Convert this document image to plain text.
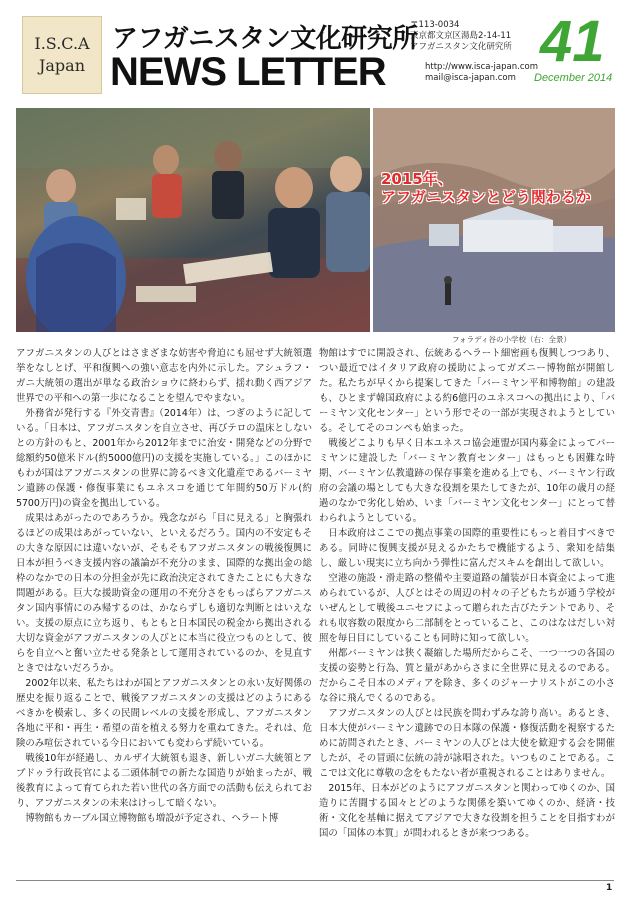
I.S.C.A
Japan
アフガニスタン文化研究所
NEWS LETTER
〒113-0034
東京都文京区湯島2-14-11
アフガニスタン文化研究所
http://www.isca-japan.com
mail@isca-japan.com
41
December 2014
2015年、
アフガニスタンとどう関わるか
フォラディ谷の小学校（右：全景）

アフガニスタンの人びとはさまざまな妨害や脅迫にも屈せず大統領選挙をなしとげ、平和復興への強い意志を内外に示した。アシュラフ・ガニ大統領の選出が単なる政治ショウに終わらず、揺れ動く西アジア世界での平和への第一歩になることを望んでやまない。

外務省が発行する『外交青書』（2014年）は、つぎのように記している。「日本は、アフガニスタンを自立させ、再びテロの温床としないとの方針のもと、2001年から2012年までに治安・開発などの分野で総額約50億米ドル(約5000億円)の支援を実施している。」このほかにもわが国はアフガニスタンの世界に誇るべき文化遺産であるバーミヤン遺跡の保護・修復事業にもユネスコを通じて年間約50万ドル(約5700万円)の資金を拠出している。

成果はあがったのであろうか。残念ながら「目に見える」と胸張れるほどの成果はあがっていない、といえるだろう。国内の不安定もその大きな原因には違いないが、そもそもアフガニスタンの戦後復興に日本が担うべき支援内容の議論が不充分のまま、国際的な拠出金の総枠のなかでの日本の分担金が先に政治決定されてきたことにも大きな問題がある。巨大な援助資金の運用の不充分さをもっぱらアフガニスタン国内事情にのみ帰するのは、かならずしも適切な判断とはいえない。支援の原点に立ち返り、もともと日本国民の税金から拠出される大切な資金がアフガニスタンの人びとに本当に役立つものとして、彼らを自立へと奮い立たせる発条として運用されているのか、を見直すときではないだろうか。

2002年以来、私たちはわが国とアフガニスタンとの永い友好関係の歴史を振り返ることで、戦後アフガニスタンの支援はどのようにあるべきかを模索し、多くの民間レベルの支援を形成し、アフガニスタン各地に平和・再生・希望の苗を植える努力を重ねてきた。それは、危険のみ喧伝されている今日においても変わらず続いている。

戦後10年が経過し、カルザイ大統領も退き、新しいガニ大統領とアブドゥラ行政長官による二頭体制での新たな国造りが始まったが、戦後教育によって育てられた若い世代の各方面での活動も伝えられており、アフガニスタンの未来はけっして暗くない。

博物館もカーブル国立博物館も増設が予定され、ヘラート博

物館はすでに開設され、伝統あるヘラート細密画も復興しつつあり、つい最近ではイタリア政府の援助によってガズニー博物館が開館した。私たちが早くから提案してきた「バーミヤン平和博物館」の建設も、ひとまず韓国政府による約6億円のユネスコへの拠出により、「バーミヤン文化センター」という形でその一部が実現されようとしている。そしてそのコンペも始まった。

戦後どこよりも早く日本ユネスコ協会連盟が国内募金によってバーミヤンに建設した「バーミヤン教育センター」はもっとも困難な時期、バーミヤン仏教遺跡の保存事業を進める上でも、バーミヤン行政府の会議の場としても大きな役割を果たしてきたが、10年の歳月の経過のなかで劣化し始め、いま「バーミヤン文化センター」にとって替わられようとしている。

日本政府はここでの拠点事業の国際的重要性にもっと着目すべきである。同時に復興支援が見えるかたちで機能するよう、衆知を結集し、厳しい現実に立ち向かう弾性に富んだスキムを創出して欲しい。

空港の施設・滑走路の整備や主要道路の舗装が日本資金によって進められているが、人びとはその周辺の村々の子どもたちが通う学校がいぜんとして戦後ユニセフによって贈られた古びたテントであり、それも収容数の限度から二部制をとっていること、このはなはだしい対照を毎日目にしていることも同時に知って欲しい。

州都バーミヤンは狭く凝縮した場所だからこそ、一つ一つの各国の支援の姿勢と行為、質と量があからさまに全世界に見えるのである。だからこそ日本のメディアを除き、多くのジャーナリストがこの小さな谷に飛んでくるのである。

アフガニスタンの人びとは民族を問わずみな誇り高い。あるとき、日本大使がバーミヤン遺跡での日本隊の保護・修復活動を視察するために訪問されたとき、バーミヤンの人びとは大使を歓迎する会を開催したが、その冒頭に伝統の詩が詠唱された。いつものことである。ここでは文化に尊敬の念をもたない者が重視されることはありません。

2015年、日本がどのようにアフガニスタンと関わってゆくのか、国造りに苦闘する国々とどのような関係を築いてゆくのか、経済・技術・文化を基軸に据えてアジアで大きな役割を担うことを目指すわが国の「国体の本質」が問われるときが来つつある。

1
